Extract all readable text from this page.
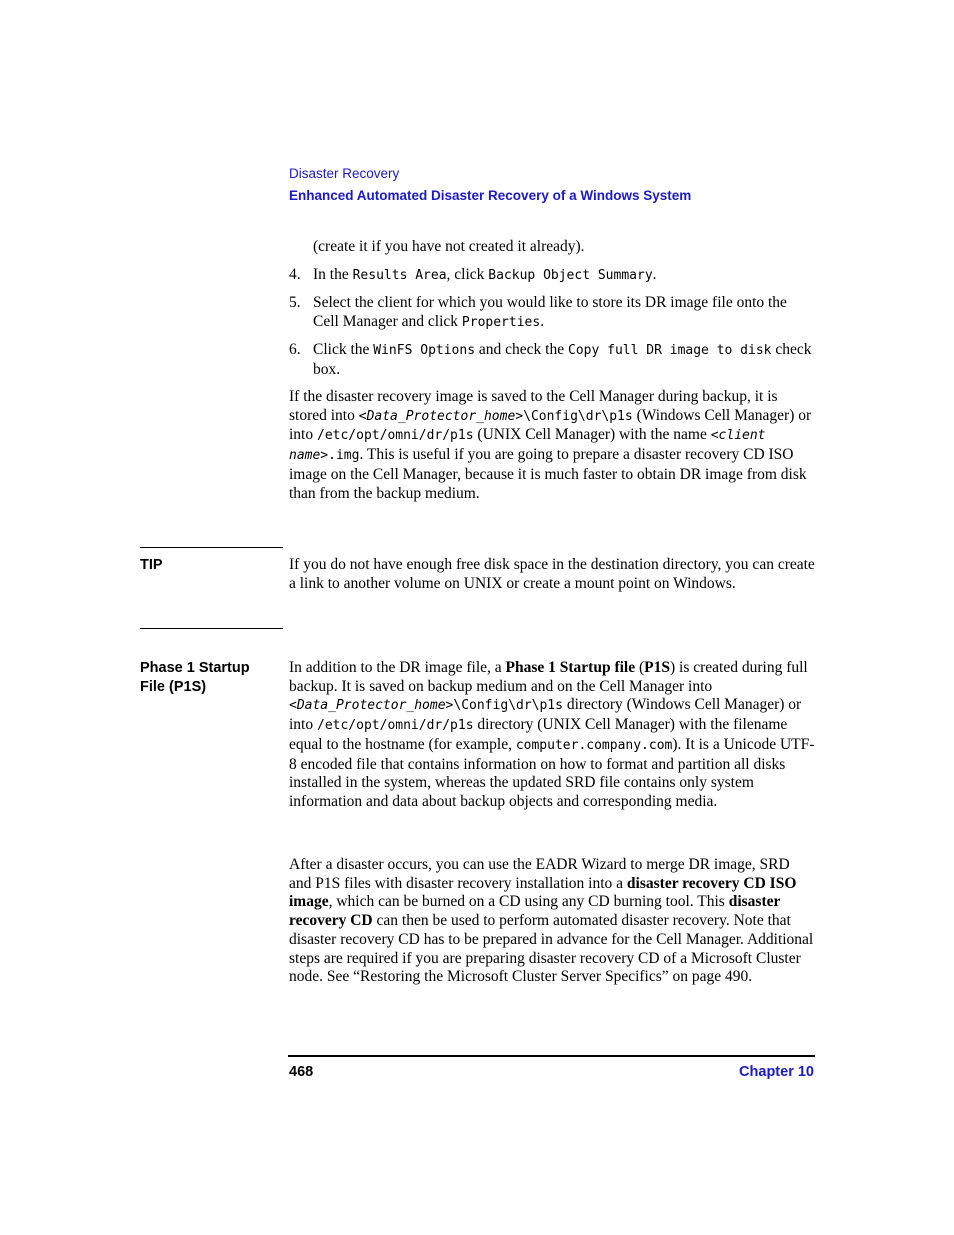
Disaster Recovery
Enhanced Automated Disaster Recovery of a Windows System
(create it if you have not created it already).
4. In the Results Area, click Backup Object Summary.
5. Select the client for which you would like to store its DR image file onto the Cell Manager and click Properties.
6. Click the WinFS Options and check the Copy full DR image to disk check box.
If the disaster recovery image is saved to the Cell Manager during backup, it is stored into <Data_Protector_home>\Config\dr\p1s (Windows Cell Manager) or into /etc/opt/omni/dr/p1s (UNIX Cell Manager) with the name <client name>.img. This is useful if you are going to prepare a disaster recovery CD ISO image on the Cell Manager, because it is much faster to obtain DR image from disk than from the backup medium.
TIP	If you do not have enough free disk space in the destination directory, you can create a link to another volume on UNIX or create a mount point on Windows.
Phase 1 Startup
File (P1S)
In addition to the DR image file, a Phase 1 Startup file (P1S) is created during full backup. It is saved on backup medium and on the Cell Manager into <Data_Protector_home>\Config\dr\p1s directory (Windows Cell Manager) or into /etc/opt/omni/dr/p1s directory (UNIX Cell Manager) with the filename equal to the hostname (for example, computer.company.com). It is a Unicode UTF-8 encoded file that contains information on how to format and partition all disks installed in the system, whereas the updated SRD file contains only system information and data about backup objects and corresponding media.
After a disaster occurs, you can use the EADR Wizard to merge DR image, SRD and P1S files with disaster recovery installation into a disaster recovery CD ISO image, which can be burned on a CD using any CD burning tool. This disaster recovery CD can then be used to perform automated disaster recovery. Note that disaster recovery CD has to be prepared in advance for the Cell Manager. Additional steps are required if you are preparing disaster recovery CD of a Microsoft Cluster node. See “Restoring the Microsoft Cluster Server Specifics” on page 490.
468	Chapter 10
